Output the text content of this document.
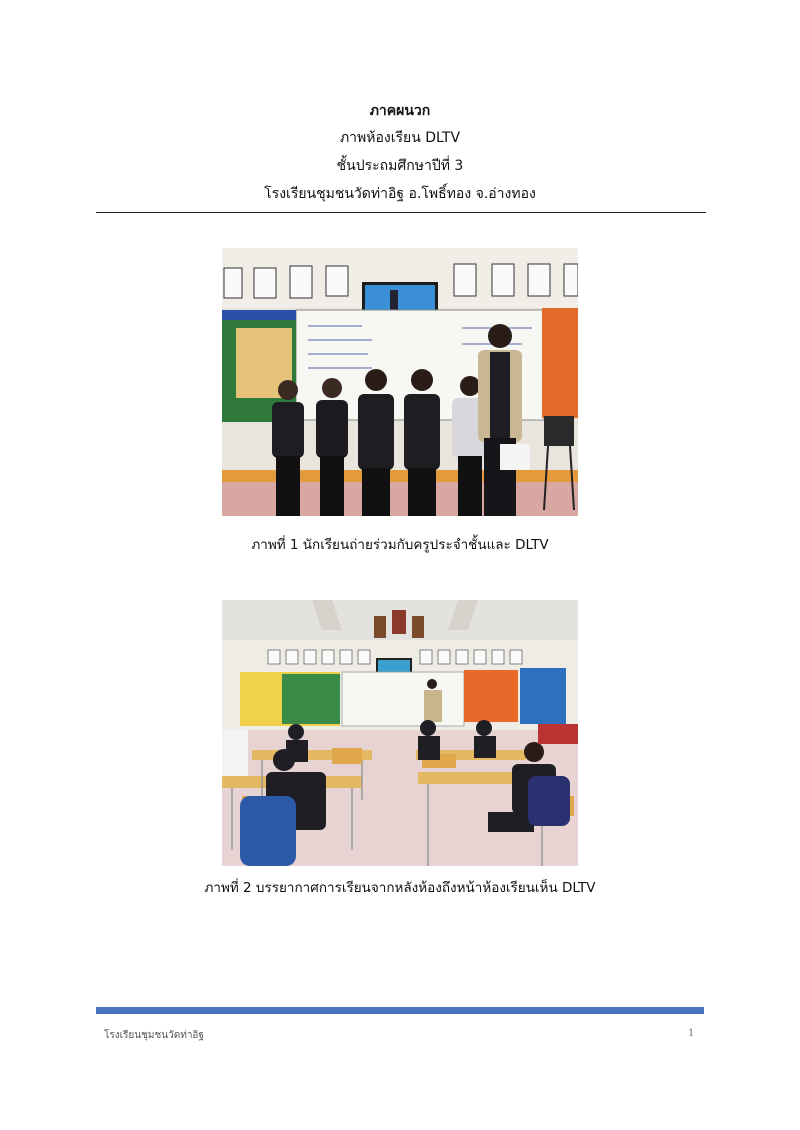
ภาคผนวก
ภาพห้องเรียน DLTV
ชั้นประถมศึกษาปีที่ 3
โรงเรียนชุมชนวัดท่าอิฐ อ.โพธิ์ทอง จ.อ่างทอง
ภาพที่ 1 นักเรียนถ่ายร่วมกับครูประจำชั้นและ DLTV
ภาพที่ 2 บรรยากาศการเรียนจากหลังห้องถึงหน้าห้องเรียนเห็น DLTV
โรงเรียนชุมชนวัดท่าอิฐ	1
